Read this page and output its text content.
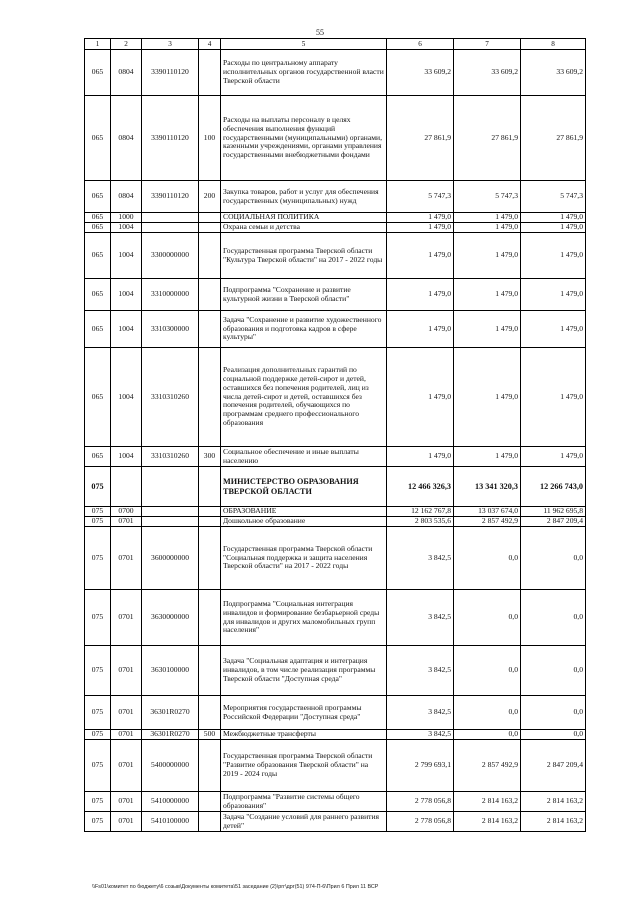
55
1	2	3	4	5	6	7	8
065	0804	3390110120		Расходы по центральному аппарату исполнительных органов государственной власти Тверской области	33 609,2	33 609,2	33 609,2
065	0804	3390110120	100	Расходы на выплаты персоналу в целях обеспечения выполнения функций государственными (муниципальными) органами, казенными учреждениями, органами управления государственными внебюджетными фондами	27 861,9	27 861,9	27 861,9
065	0804	3390110120	200	Закупка товаров, работ и услуг для обеспечения государственных (муниципальных) нужд	5 747,3	5 747,3	5 747,3
065	1000			СОЦИАЛЬНАЯ ПОЛИТИКА	1 479,0	1 479,0	1 479,0
065	1004			Охрана семьи и детства	1 479,0	1 479,0	1 479,0
065	1004	3300000000		Государственная программа Тверской области "Культура Тверской области" на 2017 - 2022 годы	1 479,0	1 479,0	1 479,0
065	1004	3310000000		Подпрограмма "Сохранение и развитие культурной жизни в Тверской области"	1 479,0	1 479,0	1 479,0
065	1004	3310300000		Задача "Сохранение и развитие художественного образования и подготовка кадров в сфере культуры"	1 479,0	1 479,0	1 479,0
065	1004	3310310260		Реализация дополнительных гарантий по социальной поддержке детей-сирот и детей, оставшихся без попечения родителей, лиц из числа детей-сирот и детей, оставшихся без попечения родителей, обучающихся по программам среднего профессионального образования	1 479,0	1 479,0	1 479,0
065	1004	3310310260	300	Социальное обеспечение и иные выплаты населению	1 479,0	1 479,0	1 479,0
075				МИНИСТЕРСТВО ОБРАЗОВАНИЯ ТВЕРСКОЙ ОБЛАСТИ	12 466 326,3	13 341 320,3	12 266 743,0
075	0700			ОБРАЗОВАНИЕ	12 162 767,8	13 037 674,0	11 962 695,8
075	0701			Дошкольное образование	2 803 535,6	2 857 492,9	2 847 209,4
075	0701	3600000000		Государственная программа Тверской области "Социальная поддержка и защита населения Тверской области" на 2017 - 2022 годы	3 842,5	0,0	0,0
075	0701	3630000000		Подпрограмма "Социальная интеграция инвалидов и формирование безбарьерной среды для инвалидов и других маломобильных групп населения"	3 842,5	0,0	0,0
075	0701	3630100000		Задача "Социальная адаптация и интеграция инвалидов, в том числе реализация программы Тверской области "Доступная среда"	3 842,5	0,0	0,0
075	0701	36301R0270		Мероприятия государственной программы Российской Федерации "Доступная среда"	3 842,5	0,0	0,0
075	0701	36301R0270	500	Межбюджетные трансферты	3 842,5	0,0	0,0
075	0701	5400000000		Государственная программа Тверской области "Развитие образования Тверской области" на 2019 - 2024 годы	2 799 693,1	2 857 492,9	2 847 209,4
075	0701	5410000000		Подпрограмма "Развитие системы общего образования"	2 778 056,8	2 814 163,2	2 814 163,2
075	0701	5410100000		Задача "Создание условий для раннего развития детей"	2 778 056,8	2 814 163,2	2 814 163,2
\\Fs01\комитет по бюджету\6 созыв\Документы комитета\51 заседание (2)\ргг\дрг(51) 974-П-6\Прил 6 Прил 11 ВСР
